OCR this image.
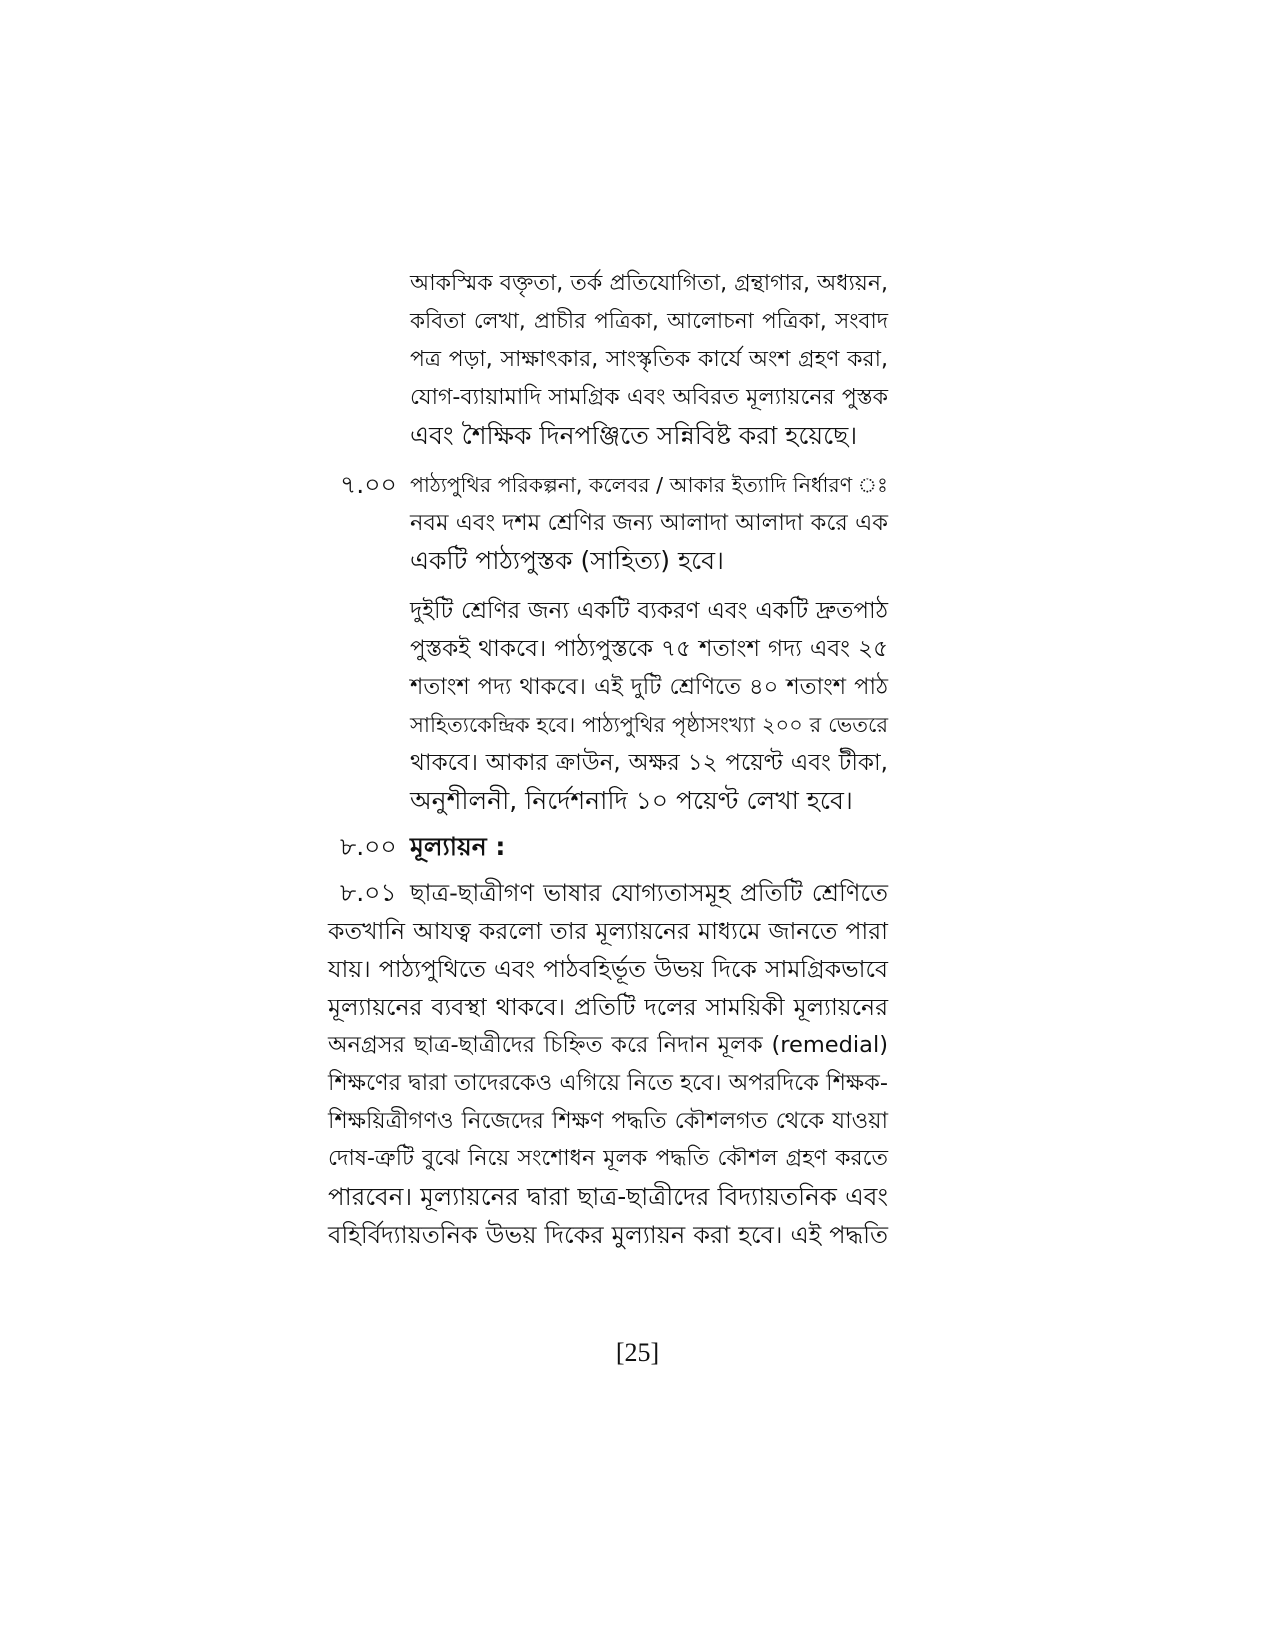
আকস্মিক বক্তৃতা, তর্ক প্রতিযোগিতা, গ্রন্থাগার, অধ্যয়ন,
কবিতা লেখা, প্রাচীর পত্রিকা, আলোচনা পত্রিকা, সংবাদ
পত্র পড়া, সাক্ষাৎকার, সাংস্কৃতিক কার্যে অংশ গ্রহণ করা,
যোগ-ব্যায়ামাদি সামগ্রিক এবং অবিরত মূল্যায়নের পুস্তক
এবং শৈক্ষিক দিনপঞ্জিতে সন্নিবিষ্ট করা হয়েছে।
৭.০০ পাঠ্যপুথির পরিকল্পনা, কলেবর / আকার ইত্যাদি নির্ধারণ ঃ
নবম এবং দশম শ্রেণির জন্য আলাদা আলাদা করে এক
একটি পাঠ্যপুস্তক (সাহিত্য) হবে।
দুইটি শ্রেণির জন্য একটি ব্যকরণ এবং একটি দ্রুতপাঠ
পুস্তকই থাকবে। পাঠ্যপুস্তকে ৭৫ শতাংশ গদ্য এবং ২৫
শতাংশ পদ্য থাকবে। এই দুটি শ্রেণিতে ৪০ শতাংশ পাঠ
সাহিত্যকেন্দ্রিক হবে। পাঠ্যপুথির পৃষ্ঠাসংখ্যা ২০০ র ভেতরে
থাকবে। আকার ক্রাউন, অক্ষর ১২ পয়েণ্ট এবং টীকা,
অনুশীলনী, নির্দেশনাদি ১০ পয়েণ্ট লেখা হবে।
৮.০০ মূল্যায়ন :
৮.০১ ছাত্র-ছাত্রীগণ ভাষার যোগ্যতাসমূহ প্রতিটি শ্রেণিতে
কতখানি আযত্ব করলো তার মূল্যায়নের মাধ্যমে জানতে পারা
যায়। পাঠ্যপুথিতে এবং পাঠবহির্ভূত উভয় দিকে সামগ্রিকভাবে
মূল্যায়নের ব্যবস্থা থাকবে। প্রতিটি দলের সাময়িকী মূল্যায়নের
অনগ্রসর ছাত্র-ছাত্রীদের চিহ্নিত করে নিদান মূলক (remedial)
শিক্ষণের দ্বারা তাদেরকেও এগিয়ে নিতে হবে। অপরদিকে শিক্ষক-
শিক্ষয়িত্রীগণও নিজেদের শিক্ষণ পদ্ধতি কৌশলগত থেকে যাওয়া
দোষ-ত্রুটি বুঝে নিয়ে সংশোধন মূলক পদ্ধতি কৌশল গ্রহণ করতে
পারবেন। মূল্যায়নের দ্বারা ছাত্র-ছাত্রীদের বিদ্যায়তনিক এবং
বহির্বিদ্যায়তনিক উভয় দিকের মুল্যায়ন করা হবে। এই পদ্ধতি
[25]
